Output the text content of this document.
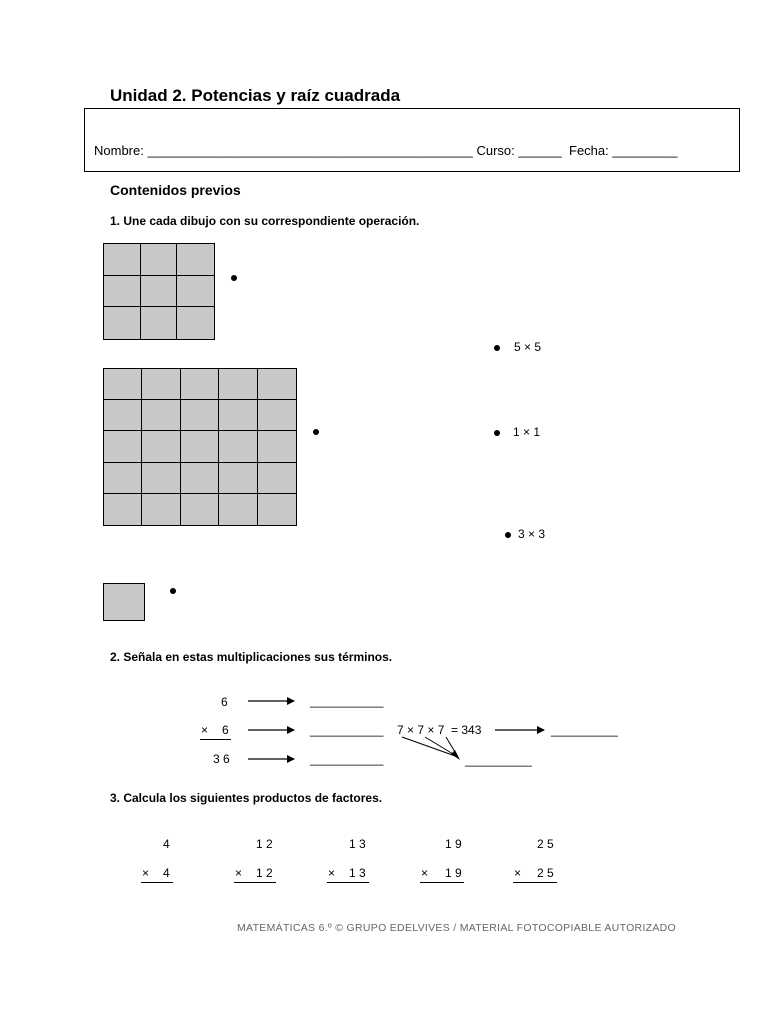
Unidad 2. Potencias y raíz cuadrada
Nombre: _____________________________________________ Curso: ______ Fecha: _________
Contenidos previos
1. Une cada dibujo con su correspondiente operación.
5 × 5
1 × 1
3 × 3
2. Señala en estas multiplicaciones sus términos.
6
× 6
3 6
___________
___________
___________
7 × 7 × 7  = 343	__________
__________
3. Calcula los siguientes productos de factores.
4
× 4
1 2
× 1 2
1 3
× 1 3
1 9
× 1 9
2 5
× 2 5
MATEMÁTICAS 6.º © GRUPO EDELVIVES / MATERIAL FOTOCOPIABLE AUTORIZADO
